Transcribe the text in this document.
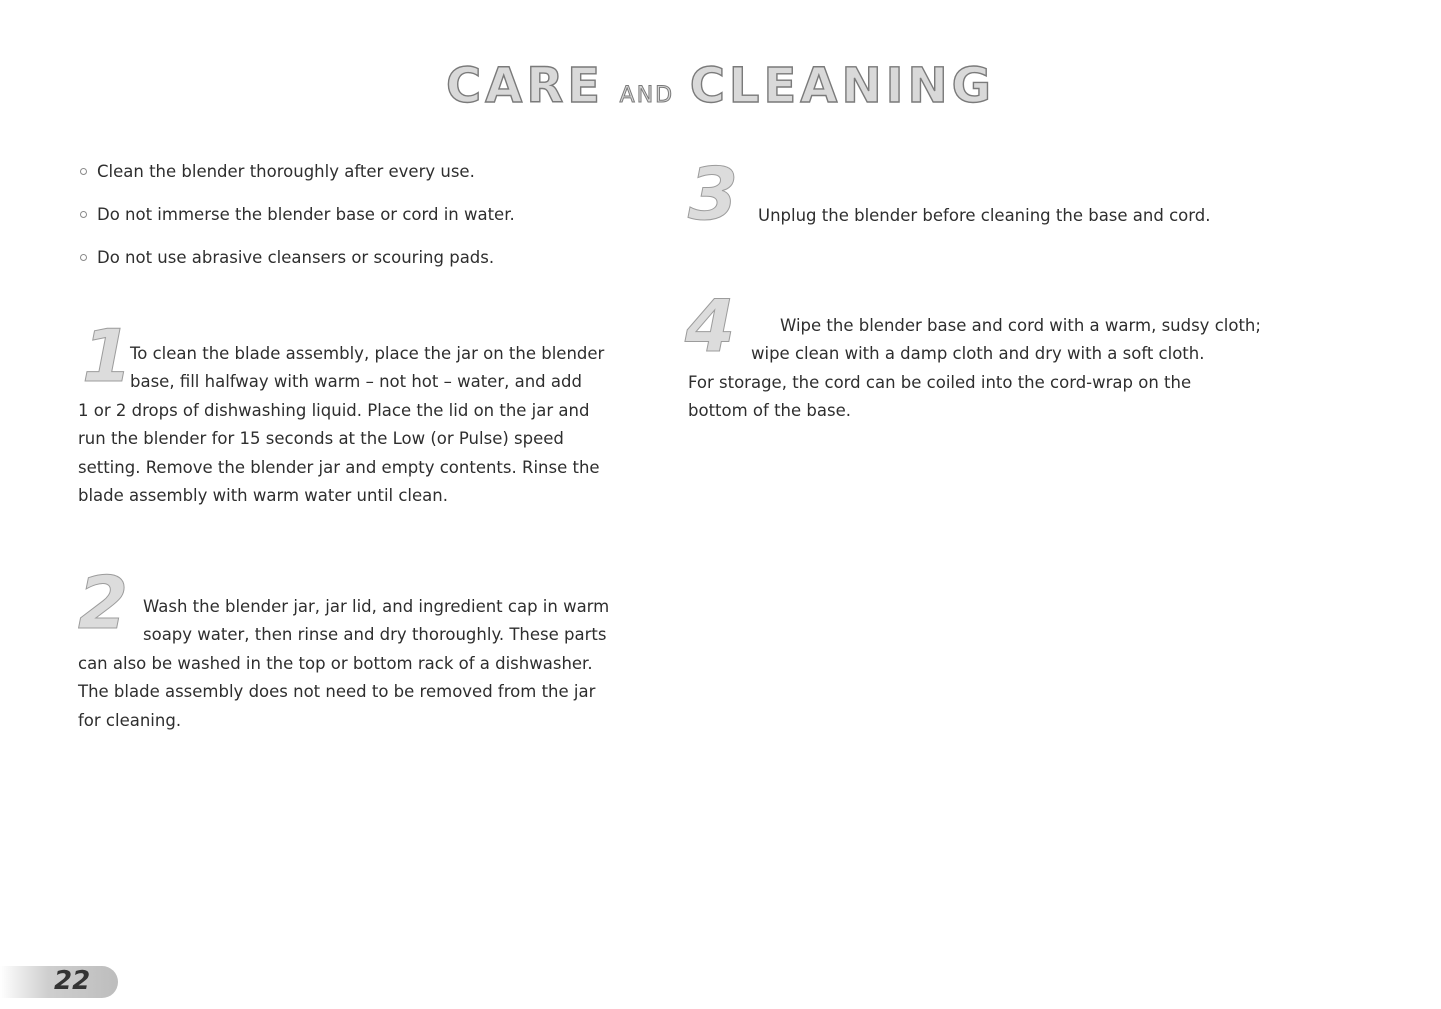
CARE AND CLEANING
Clean the blender thoroughly after every use.
Do not immerse the blender base or cord in water.
Do not use abrasive cleansers or scouring pads.
1

To clean the blade assembly, place the jar on the blender

base, fill halfway with warm – not hot – water, and add

1 or 2 drops of dishwashing liquid. Place the lid on the jar and

run the blender for 15 seconds at the Low (or Pulse) speed

setting. Remove the blender jar and empty contents. Rinse the

blade assembly with warm water until clean.

2 Wash the blender jar, jar lid, and ingredient cap in warm

soapy water, then rinse and dry thoroughly. These parts

can also be washed in the top or bottom rack of a dishwasher.

The blade assembly does not need to be removed from the jar

for cleaning.

3 Unplug the blender before cleaning the base and cord.

4	Wipe the blender base and cord with a warm, sudsy cloth;

wipe clean with a damp cloth and dry with a soft cloth.

For storage, the cord can be coiled into the cord-wrap on the

bottom of the base.

22
